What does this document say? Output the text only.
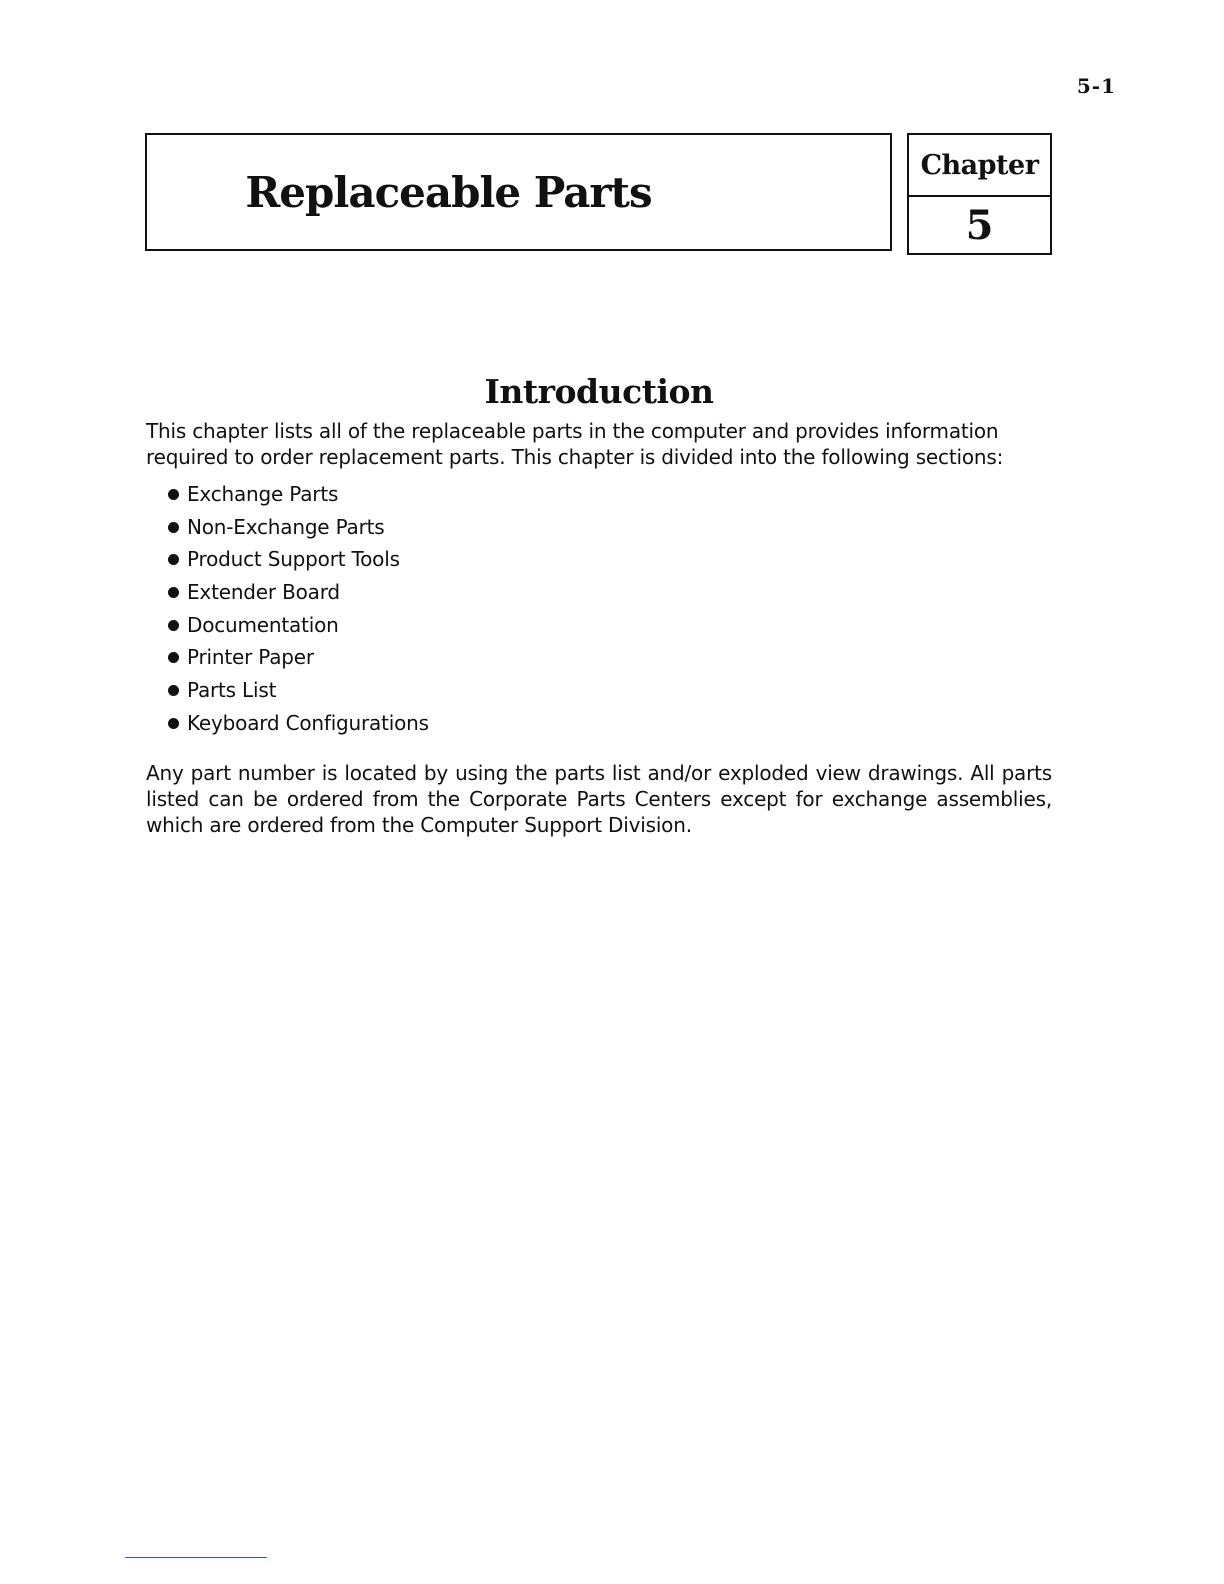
5-1
Replaceable Parts
Chapter
5
Introduction

This chapter lists all of the replaceable parts in the computer and provides information required to order replacement parts. This chapter is divided into the following sections:

Exchange Parts
Non-Exchange Parts
Product Support Tools
Extender Board
Documentation
Printer Paper
Parts List
Keyboard Configurations

Any part number is located by using the parts list and/or exploded view drawings. All parts listed can be ordered from the Corporate Parts Centers except for exchange assemblies, which are ordered from the Computer Support Division.
